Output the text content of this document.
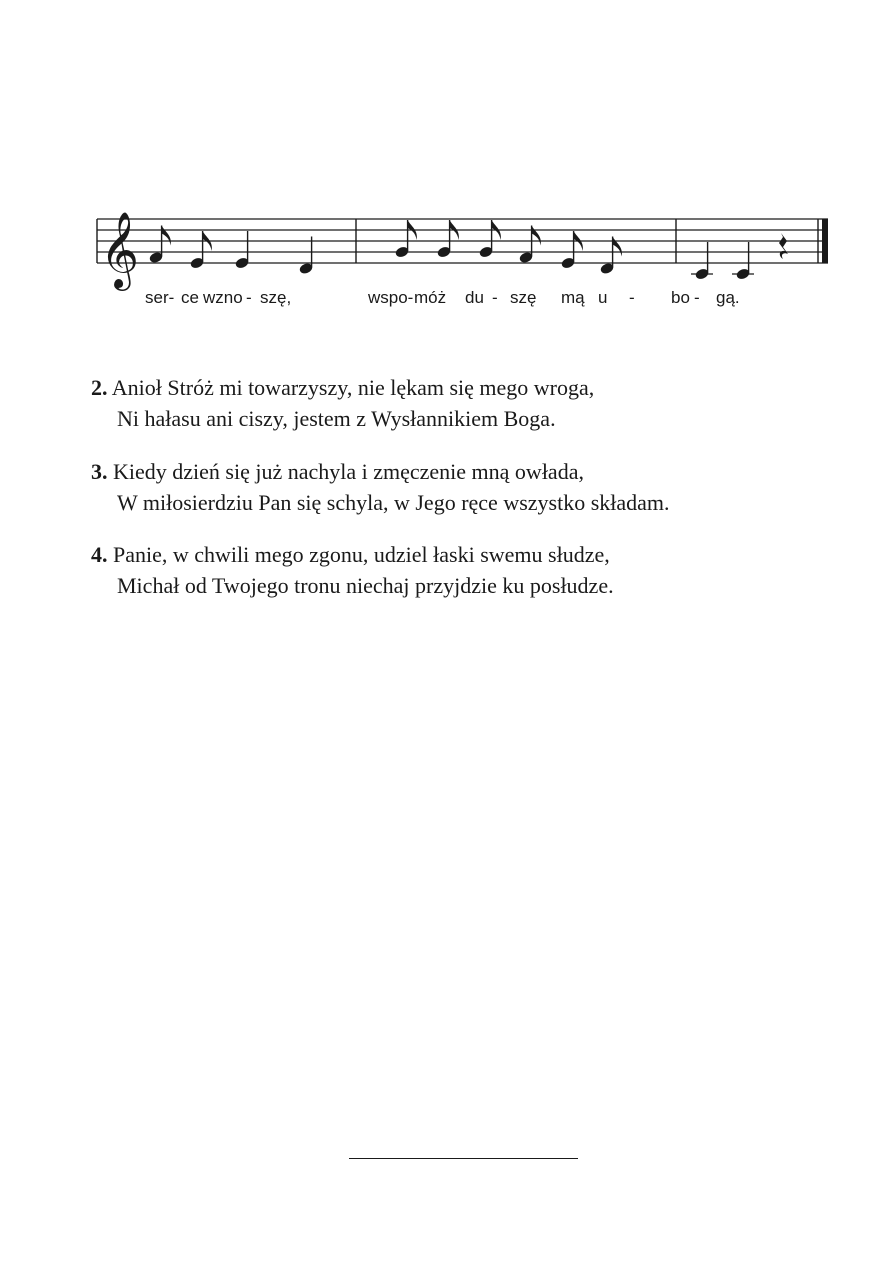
𝄞
ser- ce wzno - szę,	wspo- móż du - szę mą u - bo - gą.
2. Anioł Stróż mi towarzyszy, nie lękam się mego wroga,
Ni hałasu ani ciszy, jestem z Wysłannikiem Boga.
3. Kiedy dzień się już nachyla i zmęczenie mną owłada,
W miłosierdziu Pan się schyla, w Jego ręce wszystko składam.
4. Panie, w chwili mego zgonu, udziel łaski swemu słudze,
Michał od Twojego tronu niechaj przyjdzie ku posłudze.
